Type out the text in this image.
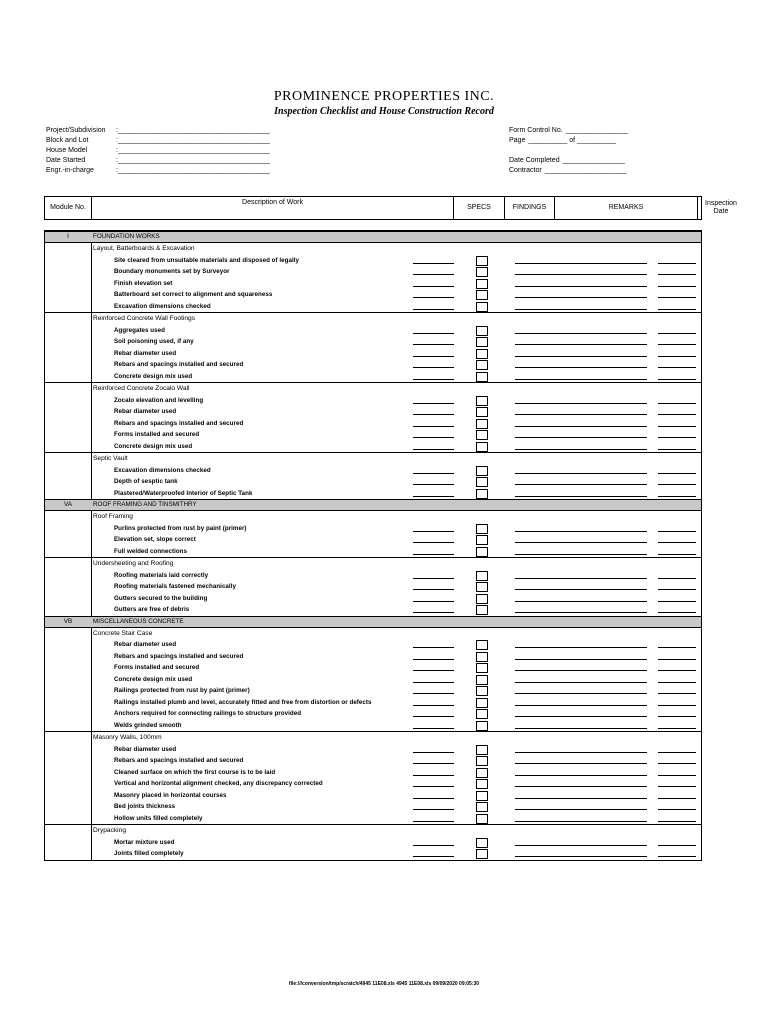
PROMINENCE PROPERTIES INC.
Inspection Checklist and House Construction Record
Project/Subdivision :_______________________________________
Block and Lot	:_______________________________________
House Model	:_______________________________________
Date Started	:_______________________________________
Engr.-in-charge	:_______________________________________
Form Control No. ________________
Page __________ of __________
Date Completed ________________
Contractor _____________________
Module No.
Description of Work
SPECS	FINDINGS	REMARKS
Inspection Date
I	FOUNDATION WORKS
Layout, Batterboards & Excavation
Site cleared from unsuitable materials and disposed of legally
Boundary monuments set by Surveyor
Finish elevation set
Batterboard set correct to alignment and squareness
Excavation dimensions checked
Reinforced Concrete Wall Footings
Aggregates used
Soil poisoning used, if any
Rebar diameter used
Rebars and spacings installed and secured
Concrete design mix used
Reinforced Concrete Zocalo Wall
Zocalo elevation and levelling
Rebar diameter used
Rebars and spacings installed and secured
Forms installed and secured
Concrete design mix used
Septic Vault
Excavation dimensions checked
Depth of sesptic tank
Plastered/Waterproofed Interior of Septic Tank
VA	ROOF FRAMING AND TINSMITHRY
Roof Framing
Purlins protected from rust by paint (primer)
Elevation set, slope correct
Full welded connections
Undersheeting and Roofing
Roofing materials laid correctly
Roofing materials fastened mechanically
Gutters secured to the building
Gutters are free of debris
VB	MISCELLANEOUS CONCRETE
Concrete Stair Case
Rebar diameter used
Rebars and spacings installed and secured
Forms installed and secured
Concrete design mix used
Railings protected from rust by paint (primer)
Railings installed plumb and level, accurately fitted and free from distortion or defects
Anchors required for connecting railings to structure provided
Welds grinded smooth
Masonry Walls, 100mm
Rebar diameter used
Rebars and spacings installed and secured
Cleaned surface on which the first course is to be laid
Vertical and horizontal alignment checked, any discrepancy corrected
Masonry placed in horizontal courses
Bed joints thickness
Hollow units filled completely
Drypacking
Mortar mixture used
Joints filled completely
file:///conversion/tmp/scratch/4945 11E08.xls 4945 11E08.xls 09/09/2020 09:05:30
